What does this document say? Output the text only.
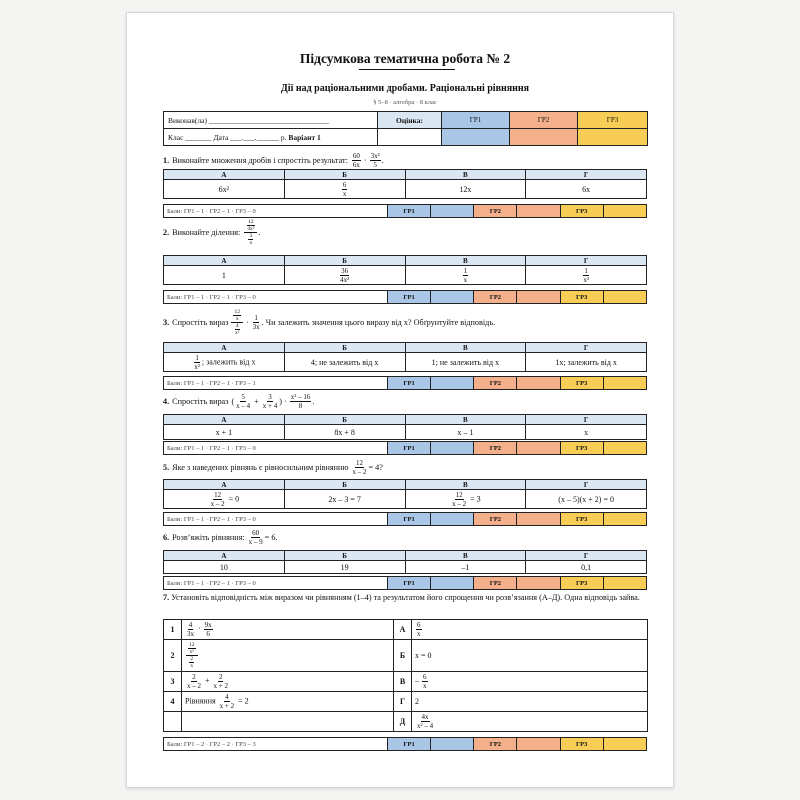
Підсумкова тематична робота № 2
Дії над раціональними дробами. Раціональні рівняння
§ 5–8 · алгебра · 8 клас
Виконав(ла) ________________________________	Оцінка:	ГР1	ГР2	ГР3
Клас _______ Дата ___.___.______ р. Варіант 1				
1. Виконайте множення дробів і спростіть результат: $\frac{60}{6x} \cdot \frac{\text{3x²}}{5}$ .
А	Б	В	Г
6x²	$\frac{6}{x}$	12x	6x
Бали: ГР1 – 1 · ГР2 – 1 · ГР3 – 0	ГР1		ГР2		ГР3	
2. Виконайте ділення: $\frac{\frac{12}{\text{4x²}}}{\frac{3}{x}}$ .
А	Б	В	Г
1	$\frac{36}{\text{4x²}}$	$\frac{1}{x}$	$\frac{1}{\text{x²}}$
Бали: ГР1 – 1 · ГР2 – 1 · ГР3 – 0	ГР1		ГР2		ГР3	
3. Спростіть вираз $\frac{\frac{12}{x}}{\frac{4}{\text{x²}}} \cdot \frac{1}{3x}$ . Чи залежить значення цього виразу від x? Обґрунтуйте відповідь.
А	Б	В	Г

$\frac{1}{\text{x²}}$ ; залежить від x	4; не залежить від x	1; не залежить від x	1x; залежить від x
Бали: ГР1 – 1 · ГР2 – 1 · ГР3 – 1	ГР1		ГР2		ГР3	
4. Спростіть вираз ( $\frac{5}{x - 4} + \frac{3}{x + 4}$ ) · $\frac{\text{x² – 16}}{8}$ .
А	Б	В	Г
x + 1	8x + 8	x – 1	x
Бали: ГР1 – 1 · ГР2 – 1 · ГР3 – 0	ГР1		ГР2		ГР3	
5. Яке з наведених рівнянь є рівносильним рівнянню $\frac{12}{x - 2} = 4$?
А	Б	В	Г

$\frac{12}{x - 2} = 0$	2x – 3 = 7	$\frac{12}{x - 2} = 3$	(x – 5)(x + 2) = 0
Бали: ГР1 – 1 · ГР2 – 1 · ГР3 – 0	ГР1		ГР2		ГР3	
6. Розв’яжіть рівняння: $\frac{60}{x - 9} = 6$.
А	Б	В	Г
10	19	–1	0,1
Бали: ГР1 – 1 · ГР2 – 1 · ГР3 – 0	ГР1		ГР2		ГР3	
7. Установіть відповідність між виразом чи рівнянням (1–4) та результатом його спрощення чи розв’язання (А–Д). Одна відповідь зайва.
1	$\frac{4}{3x} \cdot \frac{9x}{6}$	А	$\frac{6}{x}$

2	$\frac{\frac{12}{\text{x²}}}{\frac{2}{x}}$	Б	x = 0
3	$\frac{2}{x - 2} + \frac{2}{x + 2}$	В	– $\frac{6}{x}$

4	Рівняння $\frac{4}{x + 2} = 2$	Г	2
		Д	$\frac{4x}{\text{x² – 4}}$
Бали: ГР1 – 2 · ГР2 – 2 · ГР3 – 3	ГР1		ГР2		ГР3	
